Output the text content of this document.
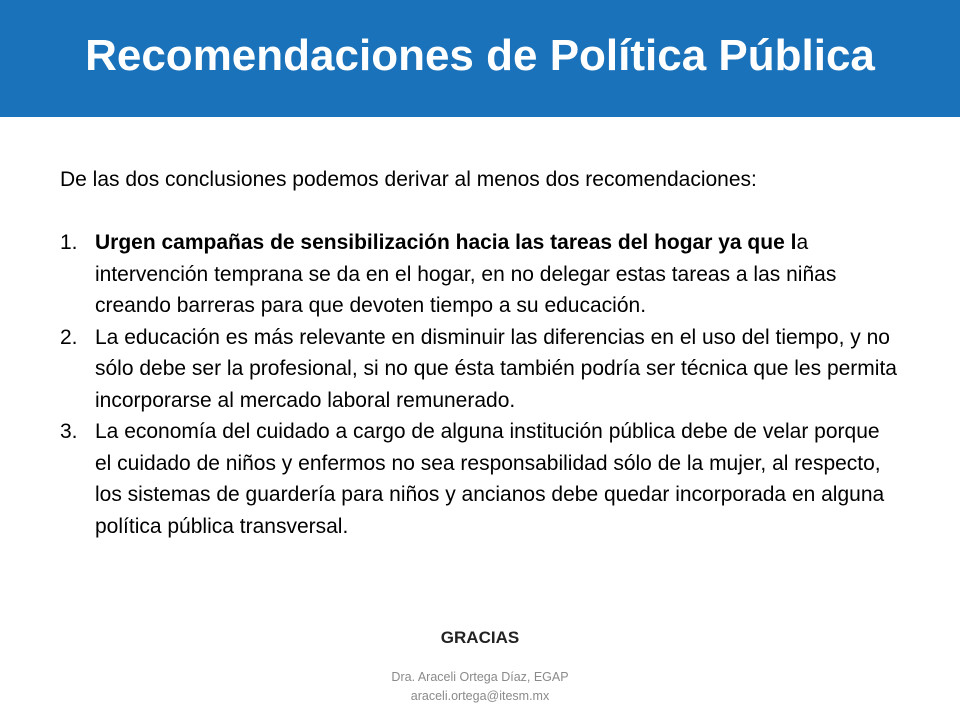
Recomendaciones de Política Pública

De las dos conclusiones podemos derivar al menos dos recomendaciones:

1. Urgen campañas de sensibilización hacia las tareas del hogar ya que la intervención temprana se da en el hogar, en no delegar estas tareas a las niñas creando barreras para que devoten tiempo a su educación.
2. La educación es más relevante en disminuir las diferencias en el uso del tiempo, y no sólo debe ser la profesional, si no que ésta también podría ser técnica que les permita incorporarse al mercado laboral remunerado.
3. La economía del cuidado a cargo de alguna institución pública debe de velar porque el cuidado de niños y enfermos no sea responsabilidad sólo de la mujer, al respecto, los sistemas de guardería para niños y ancianos debe quedar incorporada en alguna política pública transversal.
GRACIAS
Dra. Araceli Ortega Díaz, EGAP
araceli.ortega@itesm.mx
